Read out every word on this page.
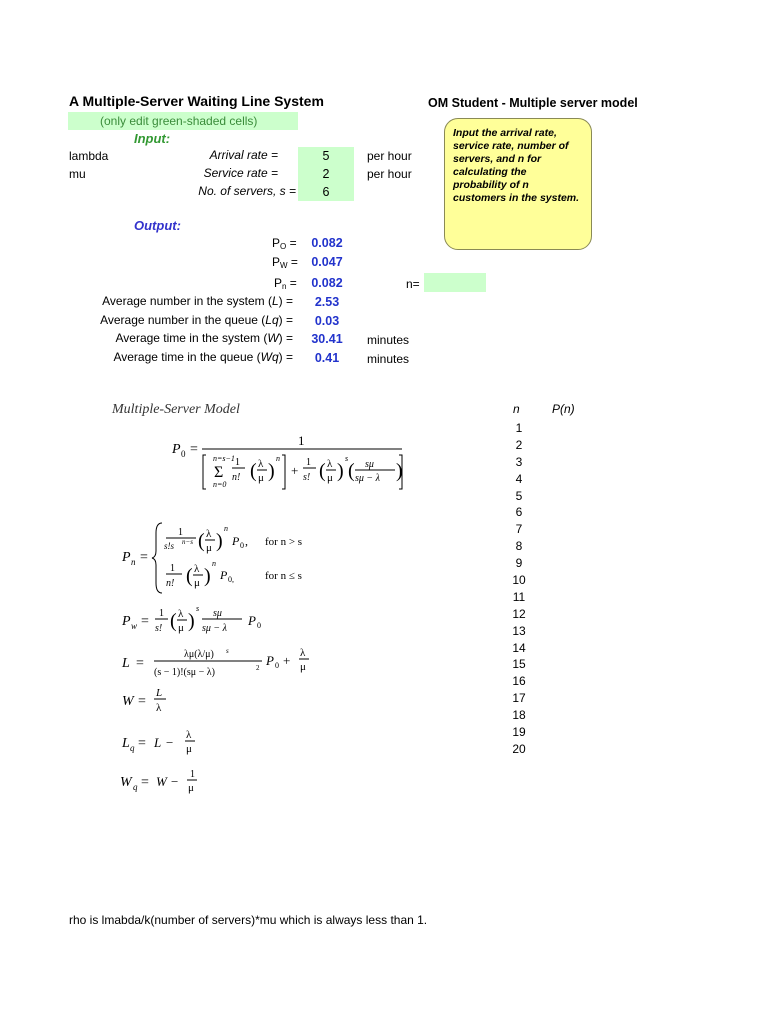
A Multiple-Server Waiting Line System	OM Student - Multiple server model
(only edit green-shaded cells)
Input:
lambda	Arrival rate =	5	per hour
mu	Service rate =	2	per hour
No. of servers, s =	6
Input the arrival rate, service rate, number of servers, and n for calculating the probability of n customers in the system.
Output:
$P_O$ =	0.082
$P_W$ =	0.047
$P_n$ =	0.082	n=
Average number in the system (L) =	2.53
Average number in the queue (Lq) =	0.03
Average time in the system (W) =	30.41	minutes
Average time in the queue (Wq) =	0.41	minutes
Multiple-Server Model
P 0 =
1
n=s−1
Σ
n=0
1
n! ( λ
μ )
n
+
1
s! ( λ
μ )
s
( sμ
sμ − λ )
P n =
1
s!s n−s ( λ
μ )
n
P 0 , for n > s
1
n! ( λ
μ )
n
P 0,	for n ≤ s
P w =
1
s! ( λ
μ )
s sμ
sμ − λ
P 0
L =
λμ(λ/μ) s
(s − 1)!(sμ − λ)	2 P 0 + λ
μ
W =
L
λ
L q = L − λ
μ
W q = W − 1
μ
n	P(n)
1
2
3
4
5
6
7
8
9
10
11
12
13
14
15
16
17
18
19
20
rho is lmabda/k(number of servers)*mu which is always less than 1.
